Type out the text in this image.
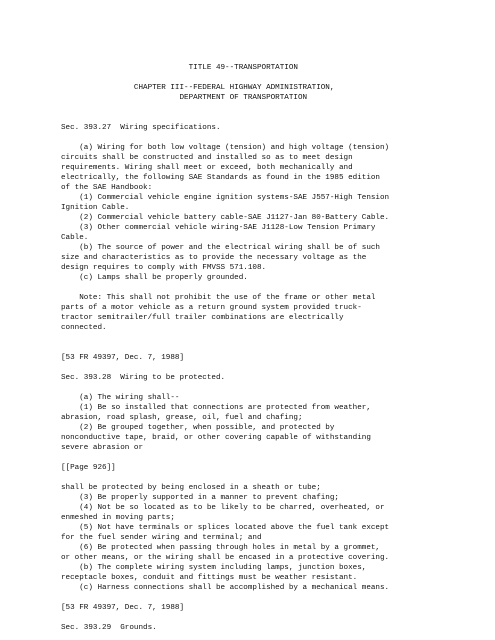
TITLE 49--TRANSPORTATION
CHAPTER III--FEDERAL HIGHWAY ADMINISTRATION,
DEPARTMENT OF TRANSPORTATION
Sec. 393.27  Wiring specifications.
(a) Wiring for both low voltage (tension) and high voltage (tension)
circuits shall be constructed and installed so as to meet design
requirements. Wiring shall meet or exceed, both mechanically and
electrically, the following SAE Standards as found in the 1985 edition
of the SAE Handbook:
(1) Commercial vehicle engine ignition systems-SAE J557-High Tension
Ignition Cable.
(2) Commercial vehicle battery cable-SAE J1127-Jan 80-Battery Cable.
(3) Other commercial vehicle wiring-SAE J1128-Low Tension Primary
Cable.
(b) The source of power and the electrical wiring shall be of such
size and characteristics as to provide the necessary voltage as the
design requires to comply with FMVSS 571.108.
(c) Lamps shall be properly grounded.
Note: This shall not prohibit the use of the frame or other metal
parts of a motor vehicle as a return ground system provided truck-
tractor semitrailer/full trailer combinations are electrically
connected.
[53 FR 49397, Dec. 7, 1988]
Sec. 393.28  Wiring to be protected.
(a) The wiring shall--
(1) Be so installed that connections are protected from weather,
abrasion, road splash, grease, oil, fuel and chafing;
(2) Be grouped together, when possible, and protected by
nonconductive tape, braid, or other covering capable of withstanding
severe abrasion or
[[Page 926]]
shall be protected by being enclosed in a sheath or tube;
(3) Be properly supported in a manner to prevent chafing;
(4) Not be so located as to be likely to be charred, overheated, or
enmeshed in moving parts;
(5) Not have terminals or splices located above the fuel tank except
for the fuel sender wiring and terminal; and
(6) Be protected when passing through holes in metal by a grommet,
or other means, or the wiring shall be encased in a protective covering.
(b) The complete wiring system including lamps, junction boxes,
receptacle boxes, conduit and fittings must be weather resistant.
(c) Harness connections shall be accomplished by a mechanical means.
[53 FR 49397, Dec. 7, 1988]
Sec. 393.29  Grounds.
